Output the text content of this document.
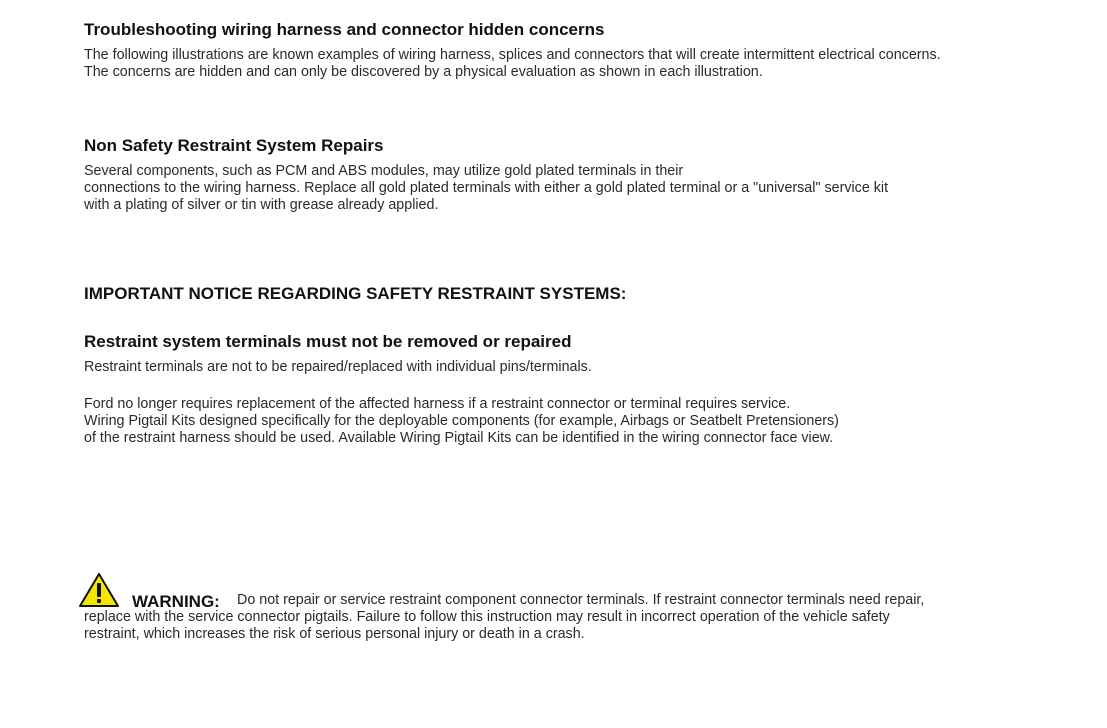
Troubleshooting wiring harness and connector hidden concerns

The following illustrations are known examples of wiring harness, splices and connectors that will create intermittent electrical concerns.
The concerns are hidden and can only be discovered by a physical evaluation as shown in each illustration.

Non Safety Restraint System Repairs

Several components, such as PCM and ABS modules, may utilize gold plated terminals in their
connections to the wiring harness. Replace all gold plated terminals with either a gold plated terminal or a "universal" service kit
with a plating of silver or tin with grease already applied.

IMPORTANT NOTICE REGARDING SAFETY RESTRAINT SYSTEMS:
Restraint system terminals must not be removed or repaired

Restraint terminals are not to be repaired/replaced with individual pins/terminals.

Ford no longer requires replacement of the affected harness if a restraint connector or terminal requires service.
Wiring Pigtail Kits designed specifically for the deployable components (for example, Airbags or Seatbelt Pretensioners)
of the restraint harness should be used. Available Wiring Pigtail Kits can be identified in the wiring connector face view.

WARNING: Do not repair or service restraint component connector terminals. If restraint connector terminals need repair,

replace with the service connector pigtails. Failure to follow this instruction may result in incorrect operation of the vehicle safety
restraint, which increases the risk of serious personal injury or death in a crash.
